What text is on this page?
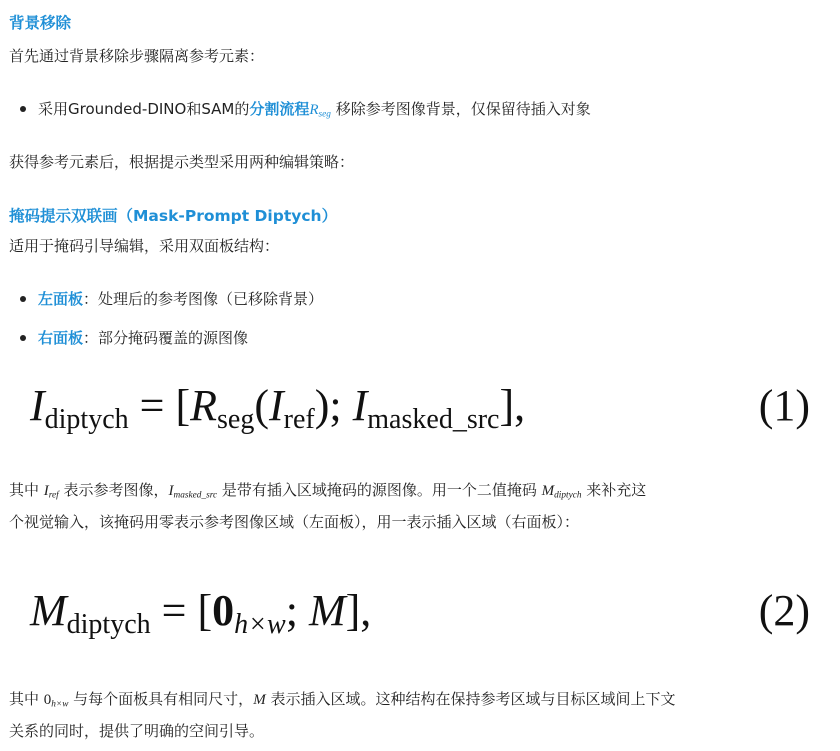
背景移除
首先通过背景移除步骤隔离参考元素：
采用Grounded-DINO和SAM的分割流程$R_{seg}$ 移除参考图像背景，仅保留待插入对象
获得参考元素后，根据提示类型采用两种编辑策略：
掩码提示双联画（Mask-Prompt Diptych）
适用于掩码引导编辑，采用双面板结构：
左面板：处理后的参考图像（已移除背景）
右面板：部分掩码覆盖的源图像
Idiptych = [Rseg(Iref); Imasked_src],	(1)
其中 $I_{ref}$ 表示参考图像，$I_{masked\_src}$ 是带有插入区域掩码的源图像。用一个二值掩码 $M_{diptych}$ 来补充这
个视觉输入，该掩码用零表示参考图像区域（左面板），用一表示插入区域（右面板）：
Mdiptych = [0h×w; M],	(2)
其中 $0_{h\times w}$ 与每个面板具有相同尺寸，M 表示插入区域。这种结构在保持参考区域与目标区域间上下文
关系的同时，提供了明确的空间引导。
